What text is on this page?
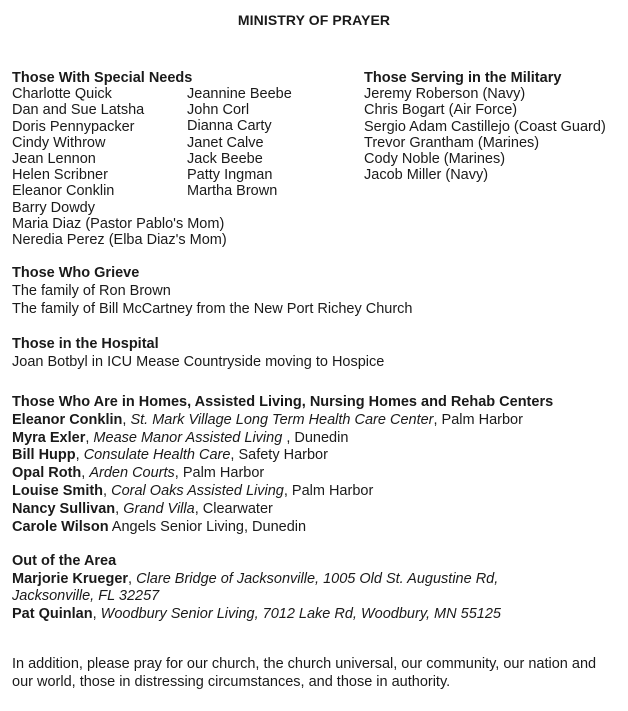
MINISTRY OF PRAYER
Those With Special Needs
Charlotte Quick
Dan and Sue Latsha
Doris Pennypacker
Cindy Withrow
Jean Lennon
Helen Scribner
Eleanor Conklin
Barry Dowdy
Maria Diaz (Pastor Pablo's Mom)
Neredia Perez (Elba Diaz's Mom)
Jeannine Beebe
John Corl
Dianna Carty
Janet Calve
Jack Beebe
Patty Ingman
Martha Brown
Those Serving in the Military
Jeremy Roberson (Navy)
Chris Bogart (Air Force)
Sergio Adam Castillejo (Coast Guard)
Trevor Grantham (Marines)
Cody Noble (Marines)
Jacob Miller (Navy)
Those Who Grieve
The family of Ron Brown
The family of Bill McCartney from the New Port Richey Church
Those in the Hospital
Joan Botbyl in ICU Mease Countryside moving to Hospice
Those Who Are in Homes, Assisted Living, Nursing Homes and Rehab Centers
Eleanor Conklin, St. Mark Village Long Term Health Care Center, Palm Harbor
Myra Exler, Mease Manor Assisted Living , Dunedin
Bill Hupp, Consulate Health Care, Safety Harbor
Opal Roth, Arden Courts, Palm Harbor
Louise Smith, Coral Oaks Assisted Living, Palm Harbor
Nancy Sullivan, Grand Villa, Clearwater
Carole Wilson Angels Senior Living, Dunedin
Out of the Area
Marjorie Krueger, Clare Bridge of Jacksonville, 1005 Old St. Augustine Rd,
Jacksonville, FL 32257
Pat Quinlan, Woodbury Senior Living, 7012 Lake Rd, Woodbury, MN 55125
In addition, please pray for our church, the church universal, our community, our nation and our world, those in distressing circumstances, and those in authority.
